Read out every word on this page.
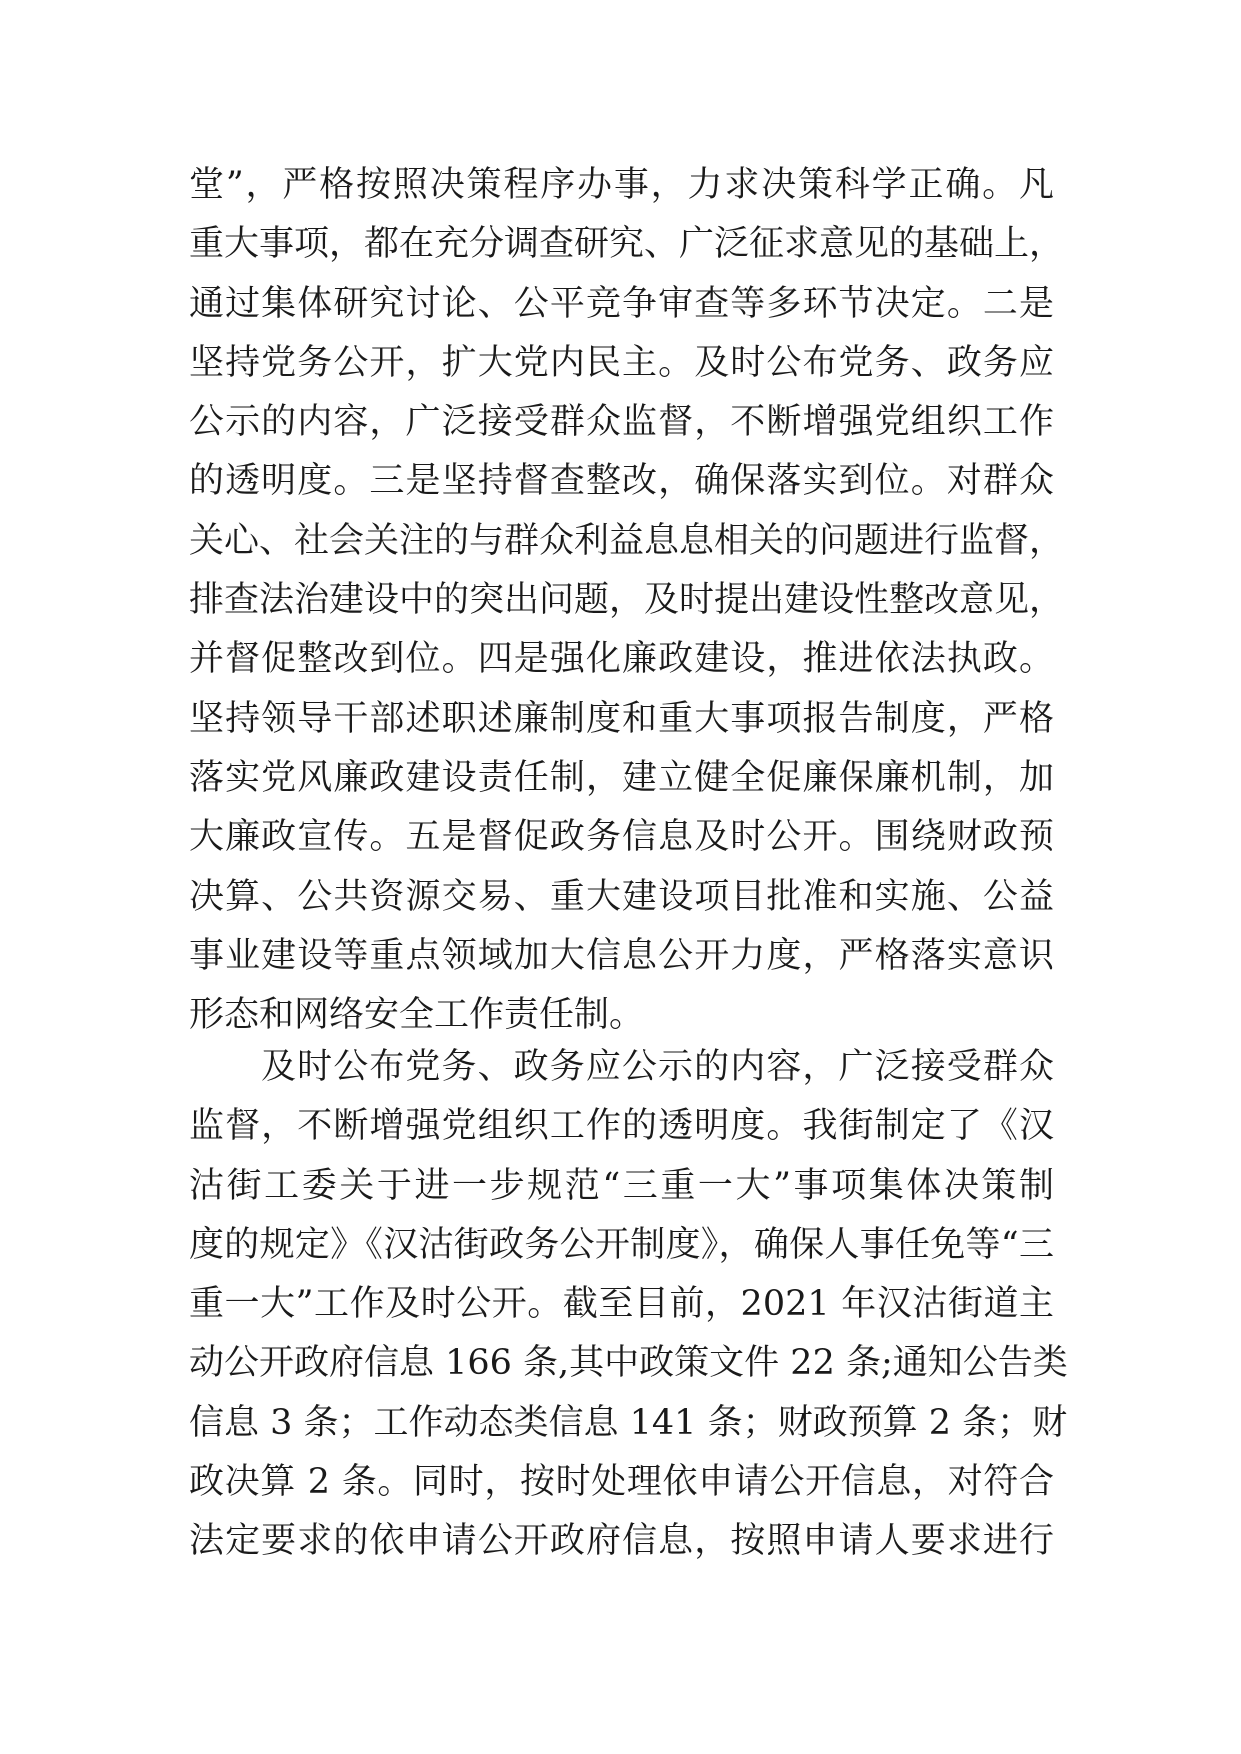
堂”，严格按照决策程序办事，力求决策科学正确。凡
重大事项，都在充分调查研究、广泛征求意见的基础上，
通过集体研究讨论、公平竞争审查等多环节决定。二是
坚持党务公开，扩大党内民主。及时公布党务、政务应
公示的内容，广泛接受群众监督，不断增强党组织工作
的透明度。三是坚持督查整改，确保落实到位。对群众
关心、社会关注的与群众利益息息相关的问题进行监督，
排查法治建设中的突出问题，及时提出建设性整改意见，
并督促整改到位。四是强化廉政建设，推进依法执政。
坚持领导干部述职述廉制度和重大事项报告制度，严格
落实党风廉政建设责任制，建立健全促廉保廉机制，加
大廉政宣传。五是督促政务信息及时公开。围绕财政预
决算、公共资源交易、重大建设项目批准和实施、公益
事业建设等重点领域加大信息公开力度，严格落实意识
形态和网络安全工作责任制。
及时公布党务、政务应公示的内容，广泛接受群众
监督，不断增强党组织工作的透明度。我街制定了《汉
沽街工委关于进一步规范“三重一大”事项集体决策制
度的规定》《汉沽街政务公开制度》，确保人事任免等“三
重一大”工作及时公开。截至目前，2021 年汉沽街道主
动公开政府信息 166 条,其中政策文件 22 条;通知公告类
信息 3 条；工作动态类信息 141 条；财政预算 2 条；财
政决算 2 条。同时，按时处理依申请公开信息，对符合
法定要求的依申请公开政府信息，按照申请人要求进行
